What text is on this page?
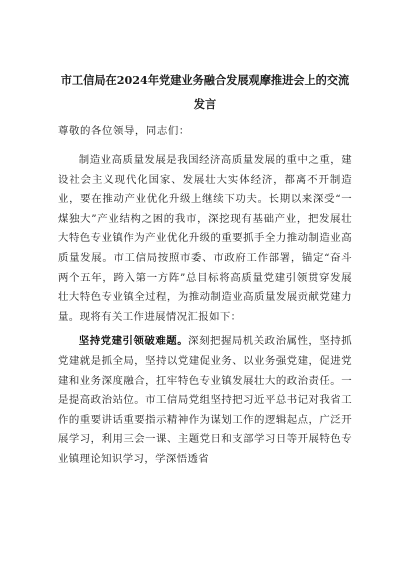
市工信局在2024年党建业务融合发展观摩推进会上的交流发言
尊敬的各位领导，同志们：
制造业高质量发展是我国经济高质量发展的重中之重，建设社会主义现代化国家、发展壮大实体经济，都离不开制造业，要在推动产业优化升级上继续下功夫。长期以来深受“一煤独大”产业结构之困的我市，深挖现有基础产业，把发展壮大特色专业镇作为产业优化升级的重要抓手全力推动制造业高质量发展。市工信局按照市委、市政府工作部署，锚定“奋斗两个五年，跨入第一方阵”总目标将高质量党建引领贯穿发展壮大特色专业镇全过程，为推动制造业高质量发展贡献党建力量。现将有关工作进展情况汇报如下：
坚持党建引领破难题。深刻把握局机关政治属性，坚持抓党建就是抓全局，坚持以党建促业务、以业务强党建，促进党建和业务深度融合，扛牢特色专业镇发展壮大的政治责任。一是提高政治站位。市工信局党组坚持把习近平总书记对我省工作的重要讲话重要指示精神作为谋划工作的逻辑起点，广泛开展学习，利用三会一课、主题党日和支部学习日等开展特色专业镇理论知识学习，学深悟透省
